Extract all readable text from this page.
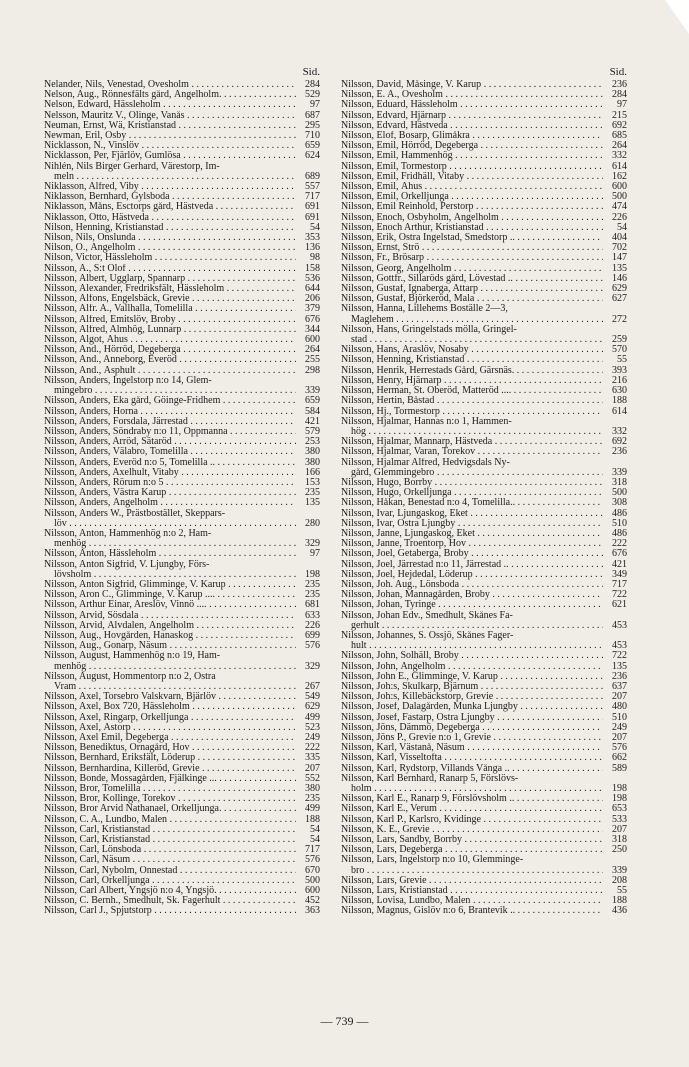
Sid.
Nelander, Nils, Venestad, Ovesholm . . .	284
Nelson, Aug., Rönnesfälts gård, Ängelholm. . . .	529
Nelson, Edward, Hässleholm . . .	97
Nelsson, Mauritz V., Olinge, Vanås . . .	687
Neuman, Ernst, Wä, Kristianstad . . .	295
Newman, Eril, Osby . . .	710
Nicklasson, N., Vinslöv . . .	659
Nicklasson, Per, Fjärlöv, Gumlösa . . .	624
Nihlén, Nils Birger Gerhard, Värestorp, Im-
meln . . .	689
Niklasson, Alfred, Viby . . .	557
Niklasson, Bernhard, Gylsboda . . .	717
Niklasson, Måns, Esctorps gård, Hästveda . . .	691
Niklasson, Otto, Hästveda . . .	691
Nilson, Henning, Kristianstad . . .	54
Nilson, Nils, Önslunda . . .	353
Nilson, O., Ängelholm . . .	136
Nilson, Victor, Hässleholm . . .	98
Nilsson, A., S:t Olof . . .	158
Nilsson, Albert, Ugglarp, Spannarp . . .	536
Nilsson, Alexander, Fredriksfält, Hässleholm . . .	644
Nilsson, Alfons, Engelsbäck, Grevie . . .	206
Nilsson, Alfr. A., Vallhalla, Tomelilla . . .	379
Nilsson, Alfred, Emitslöv, Broby . . .	676
Nilsson, Alfred, Almhög, Lunnarp . . .	344
Nilsson, Algot, Åhus . . .	600
Nilsson, And., Hörröd, Degeberga . . .	264
Nilsson, And., Anneborg, Everöd . . .	255
Nilsson, And., Åsphult . . .	298
Nilsson, Anders, Ingelstorp n:o 14, Glem-
mingebro . . .	339
Nilsson, Anders, Eka gård, Göinge-Fridhem . . .	659
Nilsson, Anders, Horna . . .	584
Nilsson, Anders, Forsdala, Järrestad . . .	421
Nilsson, Anders, Söndraby n:o 11, Oppmanna . . .	579
Nilsson, Anders, Arröd, Sätaröd . . .	253
Nilsson, Anders, Välabro, Tomelilla . . .	380
Nilsson, Anders, Everöd n:o 5, Tomelilla .. . . .	380
Nilsson, Anders, Axelhult, Vitaby . . .	166
Nilsson, Anders, Rörum n:o 5 . . .	153
Nilsson, Anders, Västra Karup . . .	235
Nilsson, Anders, Ängelholm . . .	135
Nilsson, Anders W., Prästbostället, Skeppars-
löv . . .	280
Nilsson, Anton, Hammenhög n:o 2, Ham-
menhög . . .	329
Nilsson, Anton, Hässleholm . . .	97
Nilsson, Anton Sigfrid, V. Ljungby, Förs-
lövsholm . . .	198
Nilsson, Anton Sigfrid, Glimminge, V. Karup . . .	235
Nilsson, Aron C., Glimminge, V. Karup .... . . .	235
Nilsson, Arthur Einar, Areslöv, Vinnö .... . . .	681
Nilsson, Arvid, Sösdala . . .	633
Nilsson, Arvid, Älvdalen, Ängelholm . . .	226
Nilsson, Aug., Hovgården, Hanaskog . . .	699
Nilsson, Aug., Gonarp, Näsum . . .	576
Nilsson, August, Hammenhög n:o 19, Ham-
menhög . . .	329
Nilsson, August, Hommentorp n:o 2, Östra
Vram . . .	267
Nilsson, Axel, Torsebro Valskvarn, Bjärlöv . . .	549
Nilsson, Axel, Box 720, Hässleholm . . .	629
Nilsson, Axel, Ringarp, Örkelljunga . . .	499
Nilsson, Axel, Åstorp . . .	523
Nilsson, Axel Emil, Degeberga . . .	249
Nilsson, Benediktus, Örnagård, Hov . . .	222
Nilsson, Bernhard, Eriksfält, Löderup . . .	335
Nilsson, Bernhardina, Killeröd, Grevie . . .	207
Nilsson, Bonde, Mossagården, Fjälkinge ... . . .	552
Nilsson, Bror, Tomelilla . . .	380
Nilsson, Bror, Kollinge, Torekov . . .	235
Nilsson, Bror Arvid Nathanael, Örkelljunga. . . .	499
Nilsson, C. A., Lundbo, Malen . . .	188
Nilsson, Carl, Kristianstad . . .	54
Nilsson, Carl, Kristianstad . . .	54
Nilsson, Carl, Lönsboda . . .	717
Nilsson, Carl, Näsum . . .	576
Nilsson, Carl, Nybolm, Önnestad . . .	670
Nilsson, Carl, Örkelljunga . . .	500
Nilsson, Carl Albert, Yngsjö n:o 4, Yngsjö. . . .	600
Nilsson, C. Bernh., Smedhult, Sk. Fagerhult . . .	452
Nilsson, Carl J., Spjutstorp . . .	363
Sid.
Nilsson, David, Måsinge, V. Karup . . .	236
Nilsson, E. A., Ovesholm . . .	284
Nilsson, Eduard, Hässleholm . . .	97
Nilsson, Edvard, Hjärnarp . . .	215
Nilsson, Edvard, Hästveda . . .	692
Nilsson, Elof, Bosarp, Glimåkra . . .	685
Nilsson, Emil, Hörröd, Degeberga . . .	264
Nilsson, Emil, Hammenhög . . .	332
Nilsson, Emil, Tormestorp . . .	614
Nilsson, Emil, Fridhäll, Vitaby . . .	162
Nilsson, Emil, Åhus . . .	600
Nilsson, Emil, Örkelljunga . . .	500
Nilsson, Emil Reinhold, Perstorp . . .	474
Nilsson, Enoch, Osbyholm, Ängelholm . . .	226
Nilsson, Enoch Arthur, Kristianstad . . .	54
Nilsson, Erik, Östra Ingelstad, Smedstorp .. . . .	404
Nilsson, Ernst, Strö . . .	702
Nilsson, Fr., Brösarp . . .	147
Nilsson, Georg, Ängelholm . . .	135
Nilsson, Gottfr., Sillaröds gård, Lövestad .. . . .	146
Nilsson, Gustaf, Ignaberga, Attarp . . .	629
Nilsson, Gustaf, Björkeröd, Mala . . .	627
Nilsson, Hanna, Lillehems Boställe 2—3,
Maglehem . . .	272
Nilsson, Hans, Gringelstads mölla, Gringel-
stad . . .	259
Nilsson, Hans, Äraslöv, Nosaby . . .	570
Nilsson, Henning, Kristianstad . . .	55
Nilsson, Henrik, Herrestads Gård, Gärsnäs. . . .	393
Nilsson, Henry, Hjärnarp . . .	216
Nilsson, Herman, St. Oberöd, Matteröd .... . . .	630
Nilsson, Hertin, Båstad . . .	188
Nilsson, Hj., Tormestorp . . .	614
Nilsson, Hjalmar, Hannas n:o 1, Hammen-
hög . . .	332
Nilsson, Hjalmar, Mannarp, Hästveda . . .	692
Nilsson, Hjalmar, Varan, Torekov . . .	236
Nilsson, Hjalmar Alfred, Hedvigsdals Ny-
gård, Glemmingebro . . .	339
Nilsson, Hugo, Borrby . . .	318
Nilsson, Hugo, Örkelljunga . . .	500
Nilsson, Håkan, Benestad n:o 4, Tomelilla.. . . .	308
Nilsson, Ivar, Ljungaskog, Eket . . .	486
Nilsson, Ivar, Östra Ljungby . . .	510
Nilsson, Janne, Ljungaskog, Eket . . .	486
Nilsson, Janne, Troentorp, Hov . . .	222
Nilsson, Joel, Getaberga, Broby . . .	676
Nilsson, Joel, Järrestad n:o 11, Järrestad .. . . .	421
Nilsson, Joel, Hejdedal, Löderup . . .	349
Nilsson, Joh. Aug., Lönsboda . . .	717
Nilsson, Johan, Mannagården, Broby . . .	722
Nilsson, Johan, Tyringe . . .	621
Nilsson, Johan Edv., Smedhult, Skånes Fa-
gerhult . . .	453
Nilsson, Johannes, S. Össjö, Skånes Fager-
hult . . .	453
Nilsson, John, Solhäll, Broby . . .	722
Nilsson, John, Ängelholm . . .	135
Nilsson, John E., Glimminge, V. Karup . . .	236
Nilsson, Joh:s, Skulkarp, Bjärnum . . .	637
Nilsson, Joh:s, Killebäckstorp, Grevie . . .	207
Nilsson, Josef, Dalagården, Munka Ljungby . . .	480
Nilsson, Josef, Fastarp, Östra Ljungby . . .	510
Nilsson, Jöns, Dämmö, Degeberga . . .	249
Nilsson, Jöns P., Grevie n:o 1, Grevie . . .	207
Nilsson, Karl, Västanå, Näsum . . .	576
Nilsson, Karl, Visseltofta . . .	662
Nilsson, Karl, Rydstorp, Villands Vånga .. . . .	589
Nilsson, Karl Bernhard, Ranarp 5, Förslövs-
holm . . .	198
Nilsson, Karl E., Ranarp 9, Förslövsholm .. . . .	198
Nilsson, Karl E., Verum . . .	653
Nilsson, Karl P., Karlsro, Kvidinge . . .	533
Nilsson, K. E., Grevie . . .	207
Nilsson, Lars, Sandby, Borrby . . .	318
Nilsson, Lars, Degeberga . . .	250
Nilsson, Lars, Ingelstorp n:o 10, Glemminge-
bro . . .	339
Nilsson, Lars, Grevie . . .	208
Nilsson, Lars, Kristianstad . . .	55
Nilsson, Lovisa, Lundbo, Malen . . .	188
Nilsson, Magnus, Gislöv n:o 6, Brantevik .. . . .	436
— 739 —
